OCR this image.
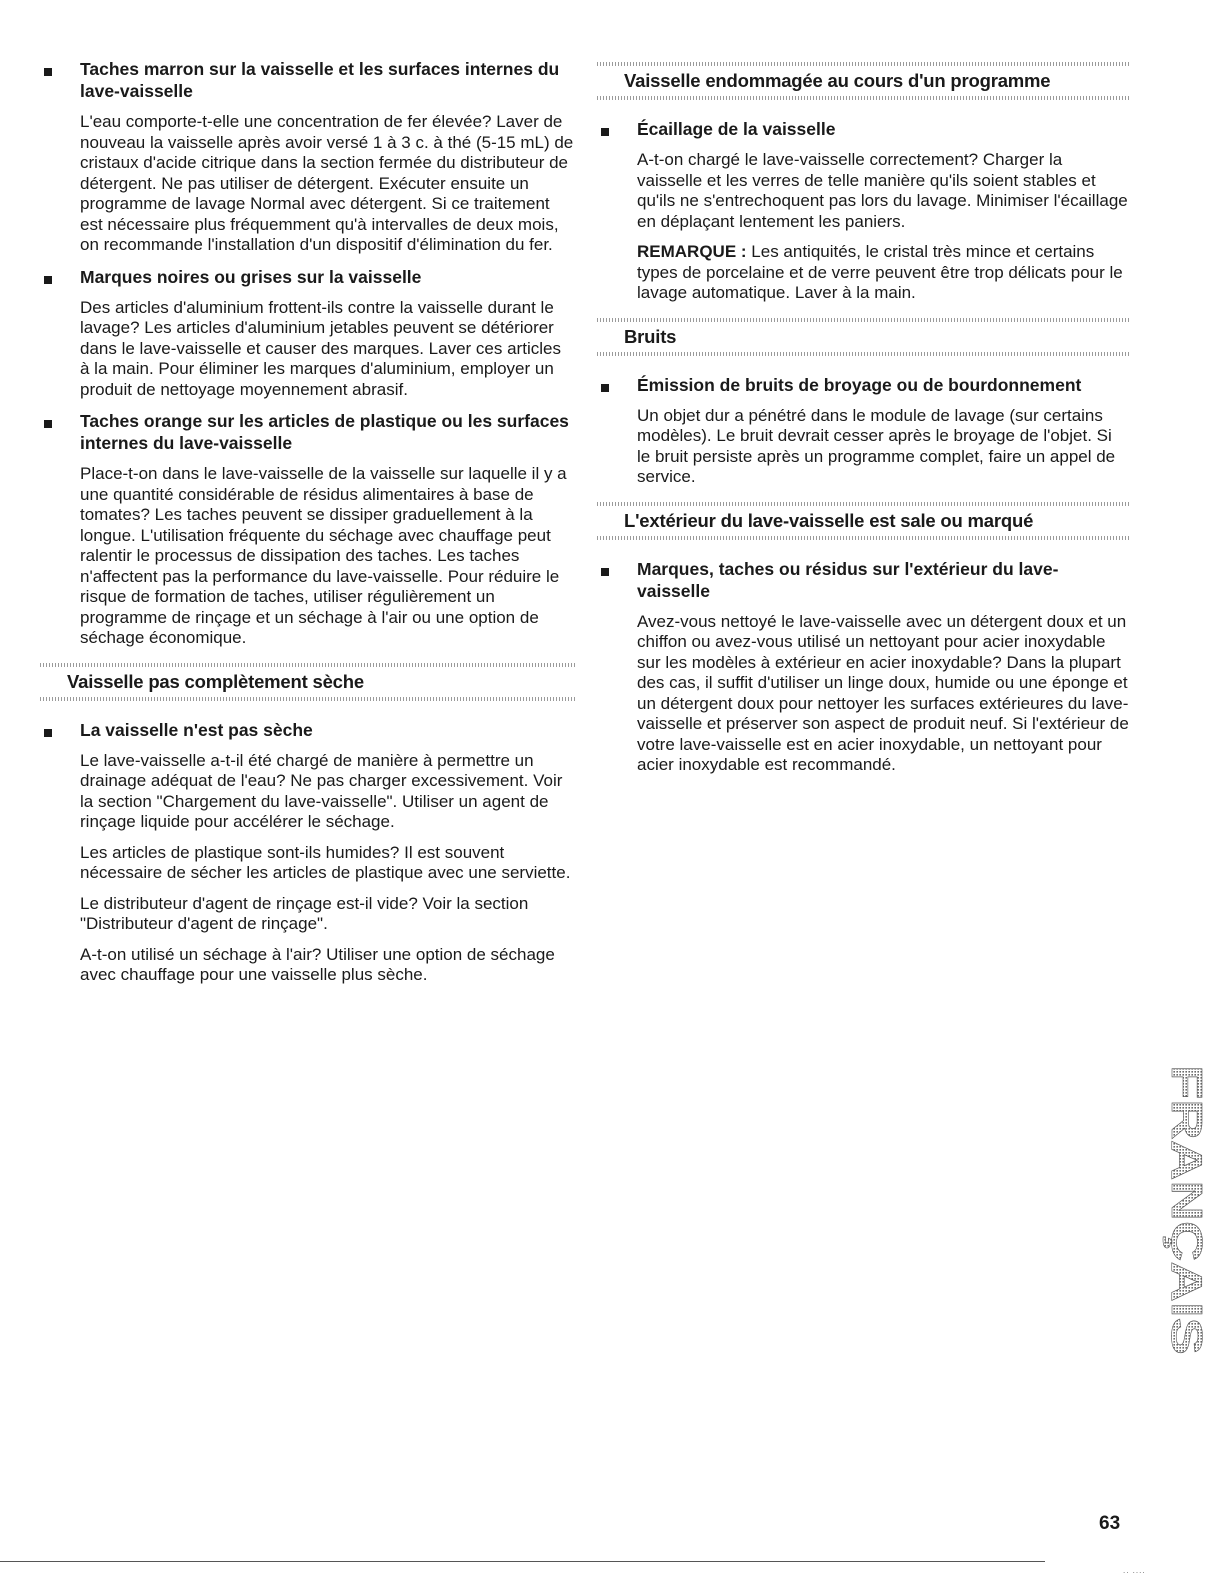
Taches marron sur la vaisselle et les surfaces internes du lave-vaisselle

L'eau comporte-t-elle une concentration de fer élevée? Laver de nouveau la vaisselle après avoir versé 1 à 3 c. à thé (5-15 mL) de cristaux d'acide citrique dans la section fermée du distributeur de détergent. Ne pas utiliser de détergent. Exécuter ensuite un programme de lavage Normal avec détergent. Si ce traitement est nécessaire plus fréquemment qu'à intervalles de deux mois, on recommande l'installation d'un dispositif d'élimination du fer.

Marques noires ou grises sur la vaisselle

Des articles d'aluminium frottent-ils contre la vaisselle durant le lavage? Les articles d'aluminium jetables peuvent se détériorer dans le lave-vaisselle et causer des marques. Laver ces articles à la main. Pour éliminer les marques d'aluminium, employer un produit de nettoyage moyennement abrasif.

Taches orange sur les articles de plastique ou les surfaces internes du lave-vaisselle

Place-t-on dans le lave-vaisselle de la vaisselle sur laquelle il y a une quantité considérable de résidus alimentaires à base de tomates? Les taches peuvent se dissiper graduellement à la longue. L'utilisation fréquente du séchage avec chauffage peut ralentir le processus de dissipation des taches. Les taches n'affectent pas la performance du lave-vaisselle. Pour réduire le risque de formation de taches, utiliser régulièrement un programme de rinçage et un séchage à l'air ou une option de séchage économique.

Vaisselle pas complètement sèche

La vaisselle n'est pas sèche

Le lave-vaisselle a-t-il été chargé de manière à permettre un drainage adéquat de l'eau? Ne pas charger excessivement. Voir la section "Chargement du lave-vaisselle". Utiliser un agent de rinçage liquide pour accélérer le séchage.

Les articles de plastique sont-ils humides? Il est souvent nécessaire de sécher les articles de plastique avec une serviette.

Le distributeur d'agent de rinçage est-il vide? Voir la section "Distributeur d'agent de rinçage".

A-t-on utilisé un séchage à l'air? Utiliser une option de séchage avec chauffage pour une vaisselle plus sèche.

Vaisselle endommagée au cours d'un programme

Écaillage de la vaisselle

A-t-on chargé le lave-vaisselle correctement? Charger la vaisselle et les verres de telle manière qu'ils soient stables et qu'ils ne s'entrechoquent pas lors du lavage. Minimiser l'écaillage en déplaçant lentement les paniers.

REMARQUE : Les antiquités, le cristal très mince et certains types de porcelaine et de verre peuvent être trop délicats pour le lavage automatique. Laver à la main.

Bruits

Émission de bruits de broyage ou de bourdonnement

Un objet dur a pénétré dans le module de lavage (sur certains modèles). Le bruit devrait cesser après le broyage de l'objet. Si le bruit persiste après un programme complet, faire un appel de service.

L'extérieur du lave-vaisselle est sale ou marqué

Marques, taches ou résidus sur l'extérieur du lave-vaisselle

Avez-vous nettoyé le lave-vaisselle avec un détergent doux et un chiffon ou avez-vous utilisé un nettoyant pour acier inoxydable sur les modèles à extérieur en acier inoxydable? Dans la plupart des cas, il suffit d'utiliser un linge doux, humide ou une éponge et un détergent doux pour nettoyer les surfaces extérieures du lave-vaisselle et préserver son aspect de produit neuf. Si l'extérieur de votre lave-vaisselle est en acier inoxydable, un nettoyant pour acier inoxydable est recommandé.

FRANÇAIS
63
.. ....
